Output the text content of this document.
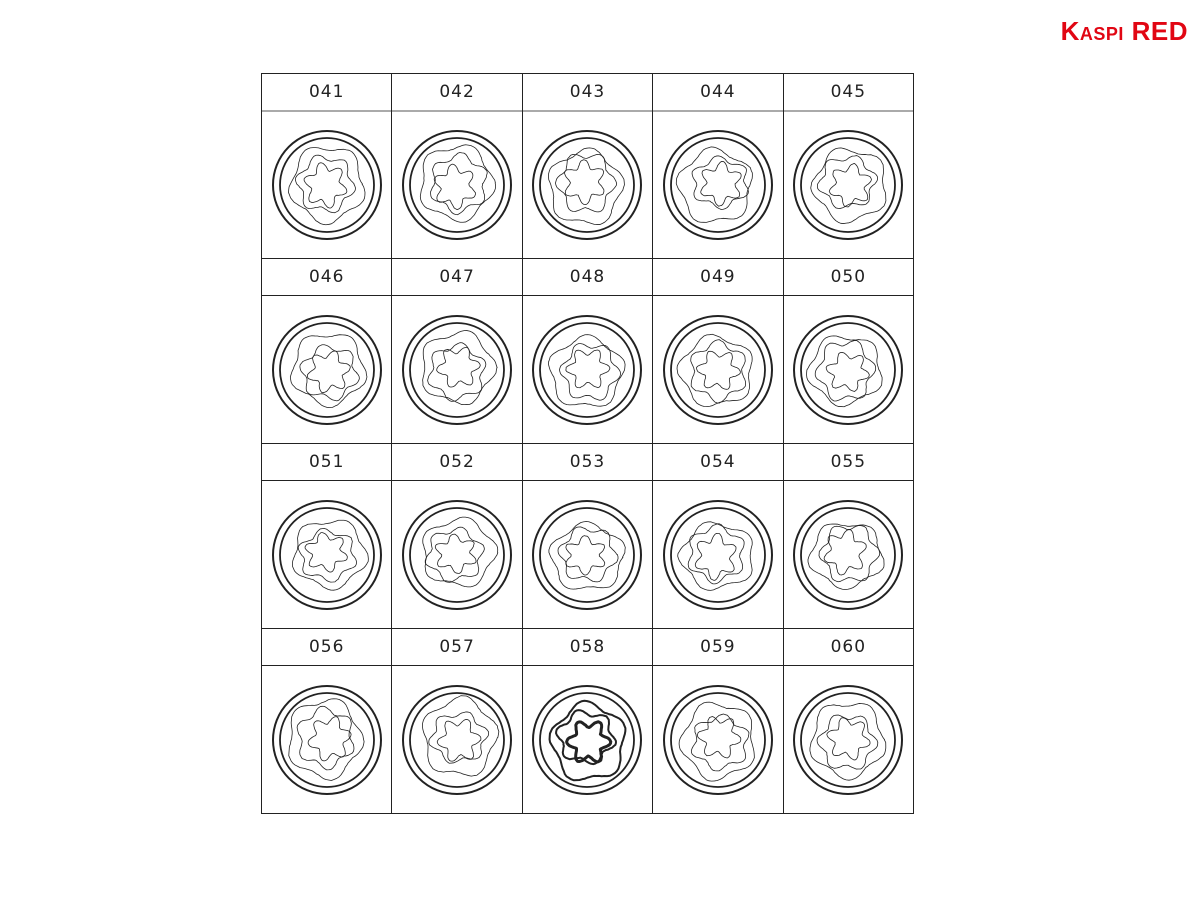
Kaspi RED
041	042	043	044	045
046	047	048	049	050
051	052	053	054	055
056	057	058	059	060
